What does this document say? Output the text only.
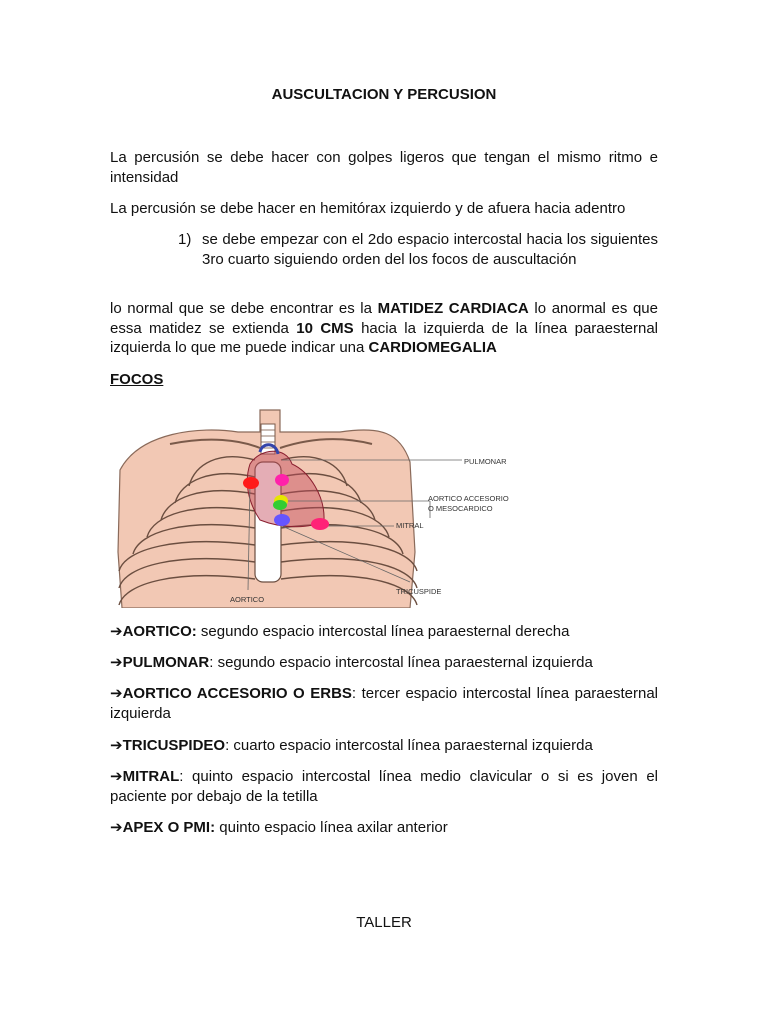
AUSCULTACION Y PERCUSION

La percusión se debe hacer con golpes ligeros que tengan el mismo ritmo e intensidad

La percusión se debe hacer en hemitórax izquierdo y de afuera hacia adentro

1) se debe empezar con el 2do espacio intercostal hacia los siguientes 3ro cuarto siguiendo orden del los focos de auscultación

lo normal que se debe encontrar es la MATIDEZ CARDIACA lo anormal es que essa matidez se extienda 10 CMS hacia la izquierda de la línea paraesternal izquierda lo que me puede indicar una CARDIOMEGALIA

FOCOS

PULMONAR
AORTICO ACCESORIO
O MESOCARDICO
MITRAL
TRICUSPIDE
AORTICO

➔AORTICO: segundo espacio intercostal línea paraesternal derecha

➔PULMONAR: segundo espacio intercostal línea paraesternal izquierda

➔AORTICO ACCESORIO O ERBS: tercer espacio intercostal línea paraesternal izquierda

➔TRICUSPIDEO: cuarto espacio intercostal línea paraesternal izquierda

➔MITRAL: quinto espacio intercostal línea medio clavicular o si es joven el paciente por debajo de la tetilla

➔APEX O PMI: quinto espacio línea axilar anterior

TALLER
